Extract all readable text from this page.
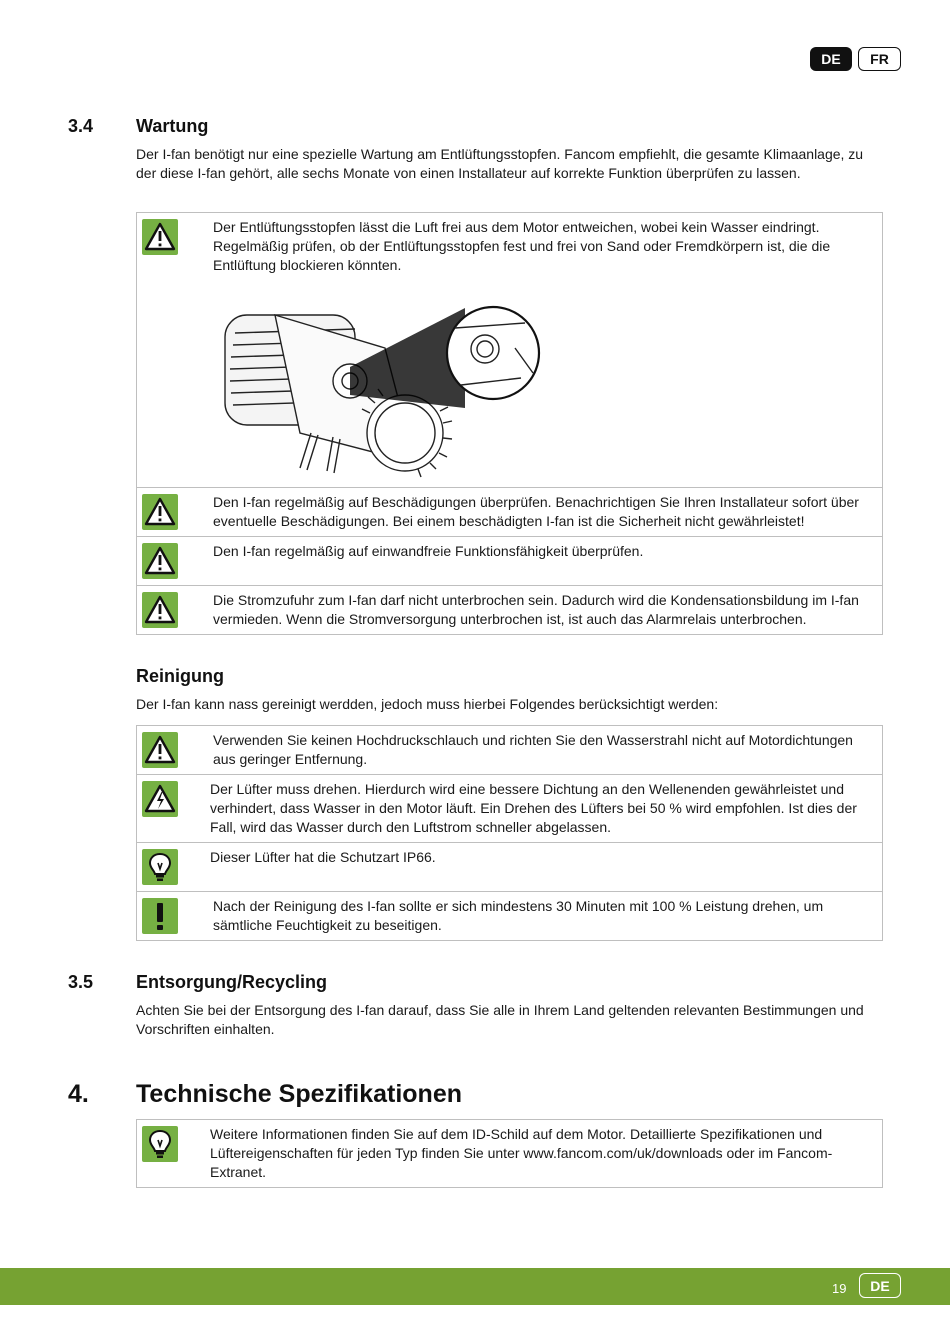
DE	FR
3.4 Wartung
Der I-fan benötigt nur eine spezielle Wartung am Entlüftungsstopfen. Fancom empfiehlt, die gesamte Klimaanlage, zu der diese I-fan gehört, alle sechs Monate von einen Installateur auf korrekte Funktion überprüfen zu lassen.
Der Entlüftungsstopfen lässt die Luft frei aus dem Motor entweichen, wobei kein Wasser eindringt. Regelmäßig prüfen, ob der Entlüftungsstopfen fest und frei von Sand oder Fremdkörpern ist, die die Entlüftung blockieren könnten.
Den I-fan regelmäßig auf Beschädigungen überprüfen. Benachrichtigen Sie Ihren Installateur sofort über eventuelle Beschädigungen. Bei einem beschädigten I-fan ist die Sicherheit nicht gewährleistet!
Den I-fan regelmäßig auf einwandfreie Funktionsfähigkeit überprüfen.
Die Stromzufuhr zum I-fan darf nicht unterbrochen sein. Dadurch wird die Kondensationsbildung im I-fan vermieden. Wenn die Stromversorgung unterbrochen ist, ist auch das Alarmrelais unterbrochen.
Reinigung
Der I-fan kann nass gereinigt werdden, jedoch muss hierbei Folgendes berücksichtigt werden:
Verwenden Sie keinen Hochdruckschlauch und richten Sie den Wasserstrahl nicht auf Motordichtungen aus geringer Entfernung.
Der Lüfter muss drehen. Hierdurch wird eine bessere Dichtung an den Wellenenden gewährleistet und verhindert, dass Wasser in den Motor läuft. Ein Drehen des Lüfters bei 50 % wird empfohlen. Ist dies der Fall, wird das Wasser durch den Luftstrom schneller abgelassen.
Dieser Lüfter hat die Schutzart IP66.
Nach der Reinigung des I-fan sollte er sich mindestens 30 Minuten mit 100 % Leistung drehen, um sämtliche Feuchtigkeit zu beseitigen.
3.5 Entsorgung/Recycling
Achten Sie bei der Entsorgung des I-fan darauf, dass Sie alle in Ihrem Land geltenden relevanten Bestimmungen und Vorschriften einhalten.
4. Technische Spezifikationen
Weitere Informationen finden Sie auf dem ID-Schild auf dem Motor. Detaillierte Spezifikationen und Lüftereigenschaften für jeden Typ finden Sie unter www.fancom.com/uk/downloads oder im Fancom-Extranet.
19	DE
